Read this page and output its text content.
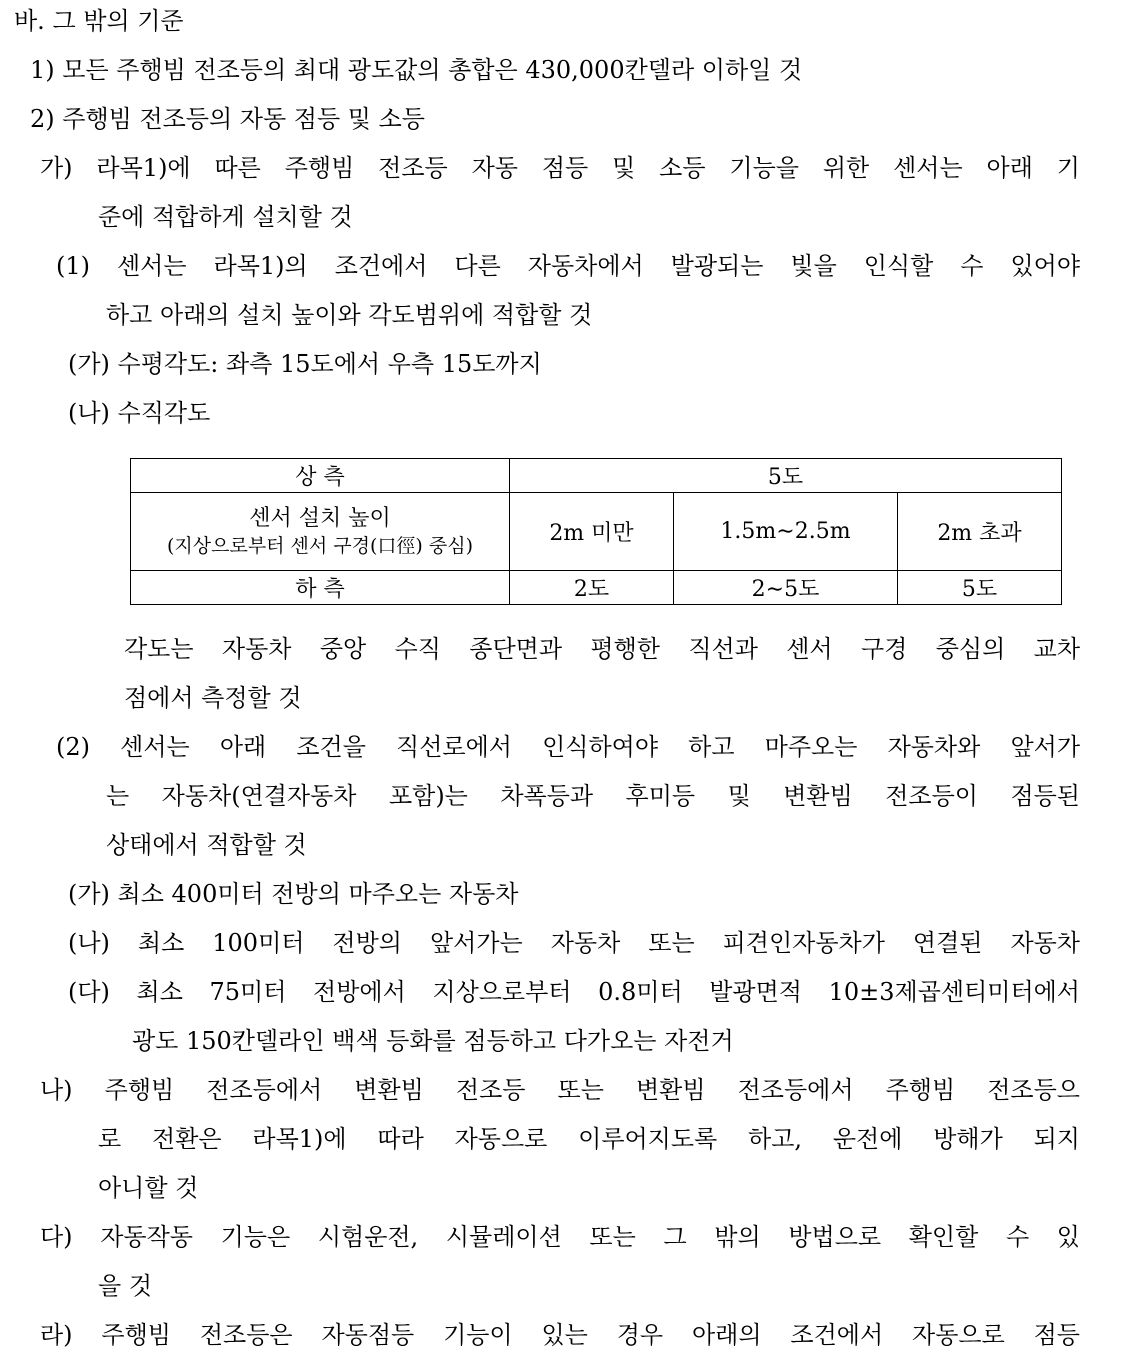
바. 그 밖의 기준
1) 모든 주행빔 전조등의 최대 광도값의 총합은 430,000칸델라 이하일 것
2) 주행빔 전조등의 자동 점등 및 소등
가) 라목1)에 따른 주행빔 전조등 자동 점등 및 소등 기능을 위한 센서는 아래 기
준에 적합하게 설치할 것
(1) 센서는 라목1)의 조건에서 다른 자동차에서 발광되는 빛을 인식할 수 있어야
하고 아래의 설치 높이와 각도범위에 적합할 것
(가) 수평각도: 좌측 15도에서 우측 15도까지
(나) 수직각도
상 측	5도		

센서 설치 높이
(지상으로부터 센서 구경(口徑) 중심)	2m 미만	1.5m∼2.5m	2m 초과
하 측	2도	2∼5도	5도
각도는 자동차 중앙 수직 종단면과 평행한 직선과 센서 구경 중심의 교차
점에서 측정할 것
(2) 센서는 아래 조건을 직선로에서 인식하여야 하고 마주오는 자동차와 앞서가
는 자동차(연결자동차 포함)는 차폭등과 후미등 및 변환빔 전조등이 점등된
상태에서 적합할 것
(가) 최소 400미터 전방의 마주오는 자동차
(나) 최소 100미터 전방의 앞서가는 자동차 또는 피견인자동차가 연결된 자동차
(다) 최소 75미터 전방에서 지상으로부터 0.8미터 발광면적 10±3제곱센티미터에서
광도 150칸델라인 백색 등화를 점등하고 다가오는 자전거
나) 주행빔 전조등에서 변환빔 전조등 또는 변환빔 전조등에서 주행빔 전조등으
로 전환은 라목1)에 따라 자동으로 이루어지도록 하고, 운전에 방해가 되지
아니할 것
다) 자동작동 기능은 시험운전, 시뮬레이션 또는 그 밖의 방법으로 확인할 수 있
을 것
라) 주행빔 전조등은 자동점등 기능이 있는 경우 아래의 조건에서 자동으로 점등
